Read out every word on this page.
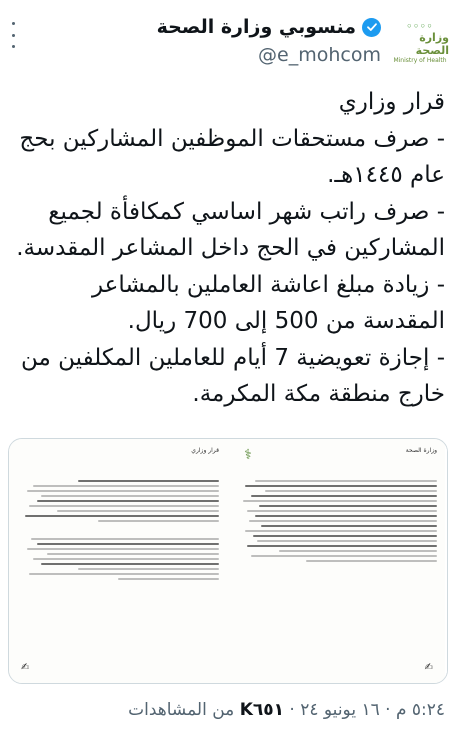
◦◦◦◦
وزارة الصحة
Ministry of Health
منسوبي وزارة الصحة
@e_mohcom
قرار وزاري
- صرف مستحقات الموظفين المشاركين بحج عام ١٤٤٥هـ.
- صرف راتب شهر اساسي كمكافأة لجميع المشاركين في الحج داخل المشاعر المقدسة.
- زيادة مبلغ اعاشة العاملين بالمشاعر المقدسة من 500 إلى 700 ريال.
- إجازة تعويضية 7 أيام للعاملين المكلفين من خارج منطقة مكة المكرمة.
قرار وزاري
✍
وزارة الصحة
⚕
✍
٥:٢٤ م · ١٦ يونيو ٢٤ · K٦٥١ من المشاهدات
